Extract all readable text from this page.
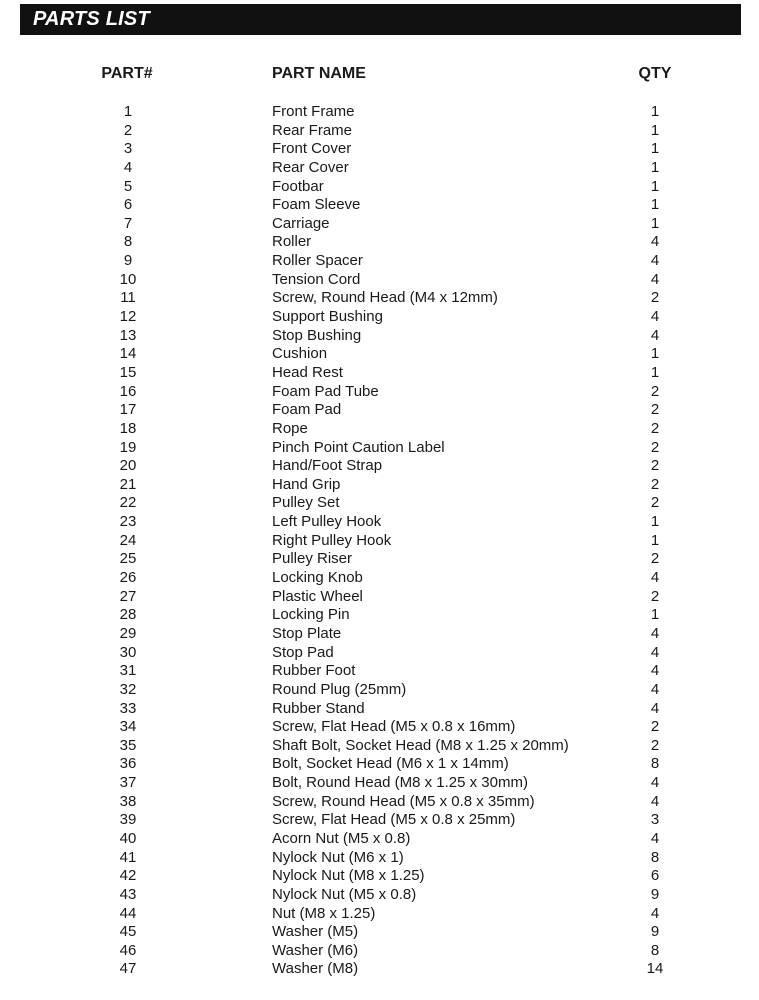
PARTS LIST
PART#	PART NAME	QTY
1	Front Frame	1
2	Rear Frame	1
3	Front Cover	1
4	Rear Cover	1
5	Footbar	1
6	Foam Sleeve	1
7	Carriage	1
8	Roller	4
9	Roller Spacer	4
10	Tension Cord	4
11	Screw, Round Head (M4 x 12mm)	2
12	Support Bushing	4
13	Stop Bushing	4
14	Cushion	1
15	Head Rest	1
16	Foam Pad Tube	2
17	Foam Pad	2
18	Rope	2
19	Pinch Point Caution Label	2
20	Hand/Foot Strap	2
21	Hand Grip	2
22	Pulley Set	2
23	Left Pulley Hook	1
24	Right Pulley Hook	1
25	Pulley Riser	2
26	Locking Knob	4
27	Plastic Wheel	2
28	Locking Pin	1
29	Stop Plate	4
30	Stop Pad	4
31	Rubber Foot	4
32	Round Plug (25mm)	4
33	Rubber Stand	4
34	Screw, Flat Head (M5 x 0.8 x 16mm)	2
35	Shaft Bolt, Socket Head (M8 x 1.25 x 20mm)	2
36	Bolt, Socket Head (M6 x 1 x 14mm)	8
37	Bolt, Round Head (M8 x 1.25 x 30mm)	4
38	Screw, Round Head (M5 x 0.8 x 35mm)	4
39	Screw, Flat Head (M5 x 0.8 x 25mm)	3
40	Acorn Nut (M5 x 0.8)	4
41	Nylock Nut (M6 x 1)	8
42	Nylock Nut (M8 x 1.25)	6
43	Nylock Nut (M5 x 0.8)	9
44	Nut (M8 x 1.25)	4
45	Washer (M5)	9
46	Washer (M6)	8
47	Washer (M8)	14
